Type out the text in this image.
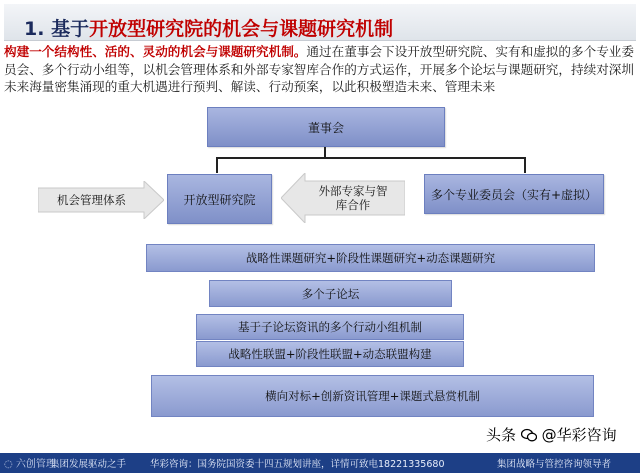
1. 基于开放型研究院的机会与课题研究机制
构建一个结构性、活的、灵动的机会与课题研究机制。通过在董事会下设开放型研究院、实有和虚拟的多个专业委员会、多个行动小组等，以机会管理体系和外部专家智库合作的方式运作，开展多个论坛与课题研究，持续对深圳未来海量密集涌现的重大机遇进行预判、解读、行动预案，以此积极塑造未来、管理未来
董事会
机会管理体系	开放型研究院
外部专家与智库合作
多个专业委员会（实有+虚拟）
战略性课题研究+阶段性课题研究+动态课题研究
多个子论坛
基于子论坛资讯的多个行动小组机制
战略性联盟+阶段性联盟+动态联盟构建
横向对标+创新资讯管理+课题式悬赏机制
头条 @华彩咨询
集团发展驱动之手	华彩咨询：国务院国资委十四五规划讲座，详情可致电18221335680	集团战略与管控咨询领导者
◌ 六创管理
